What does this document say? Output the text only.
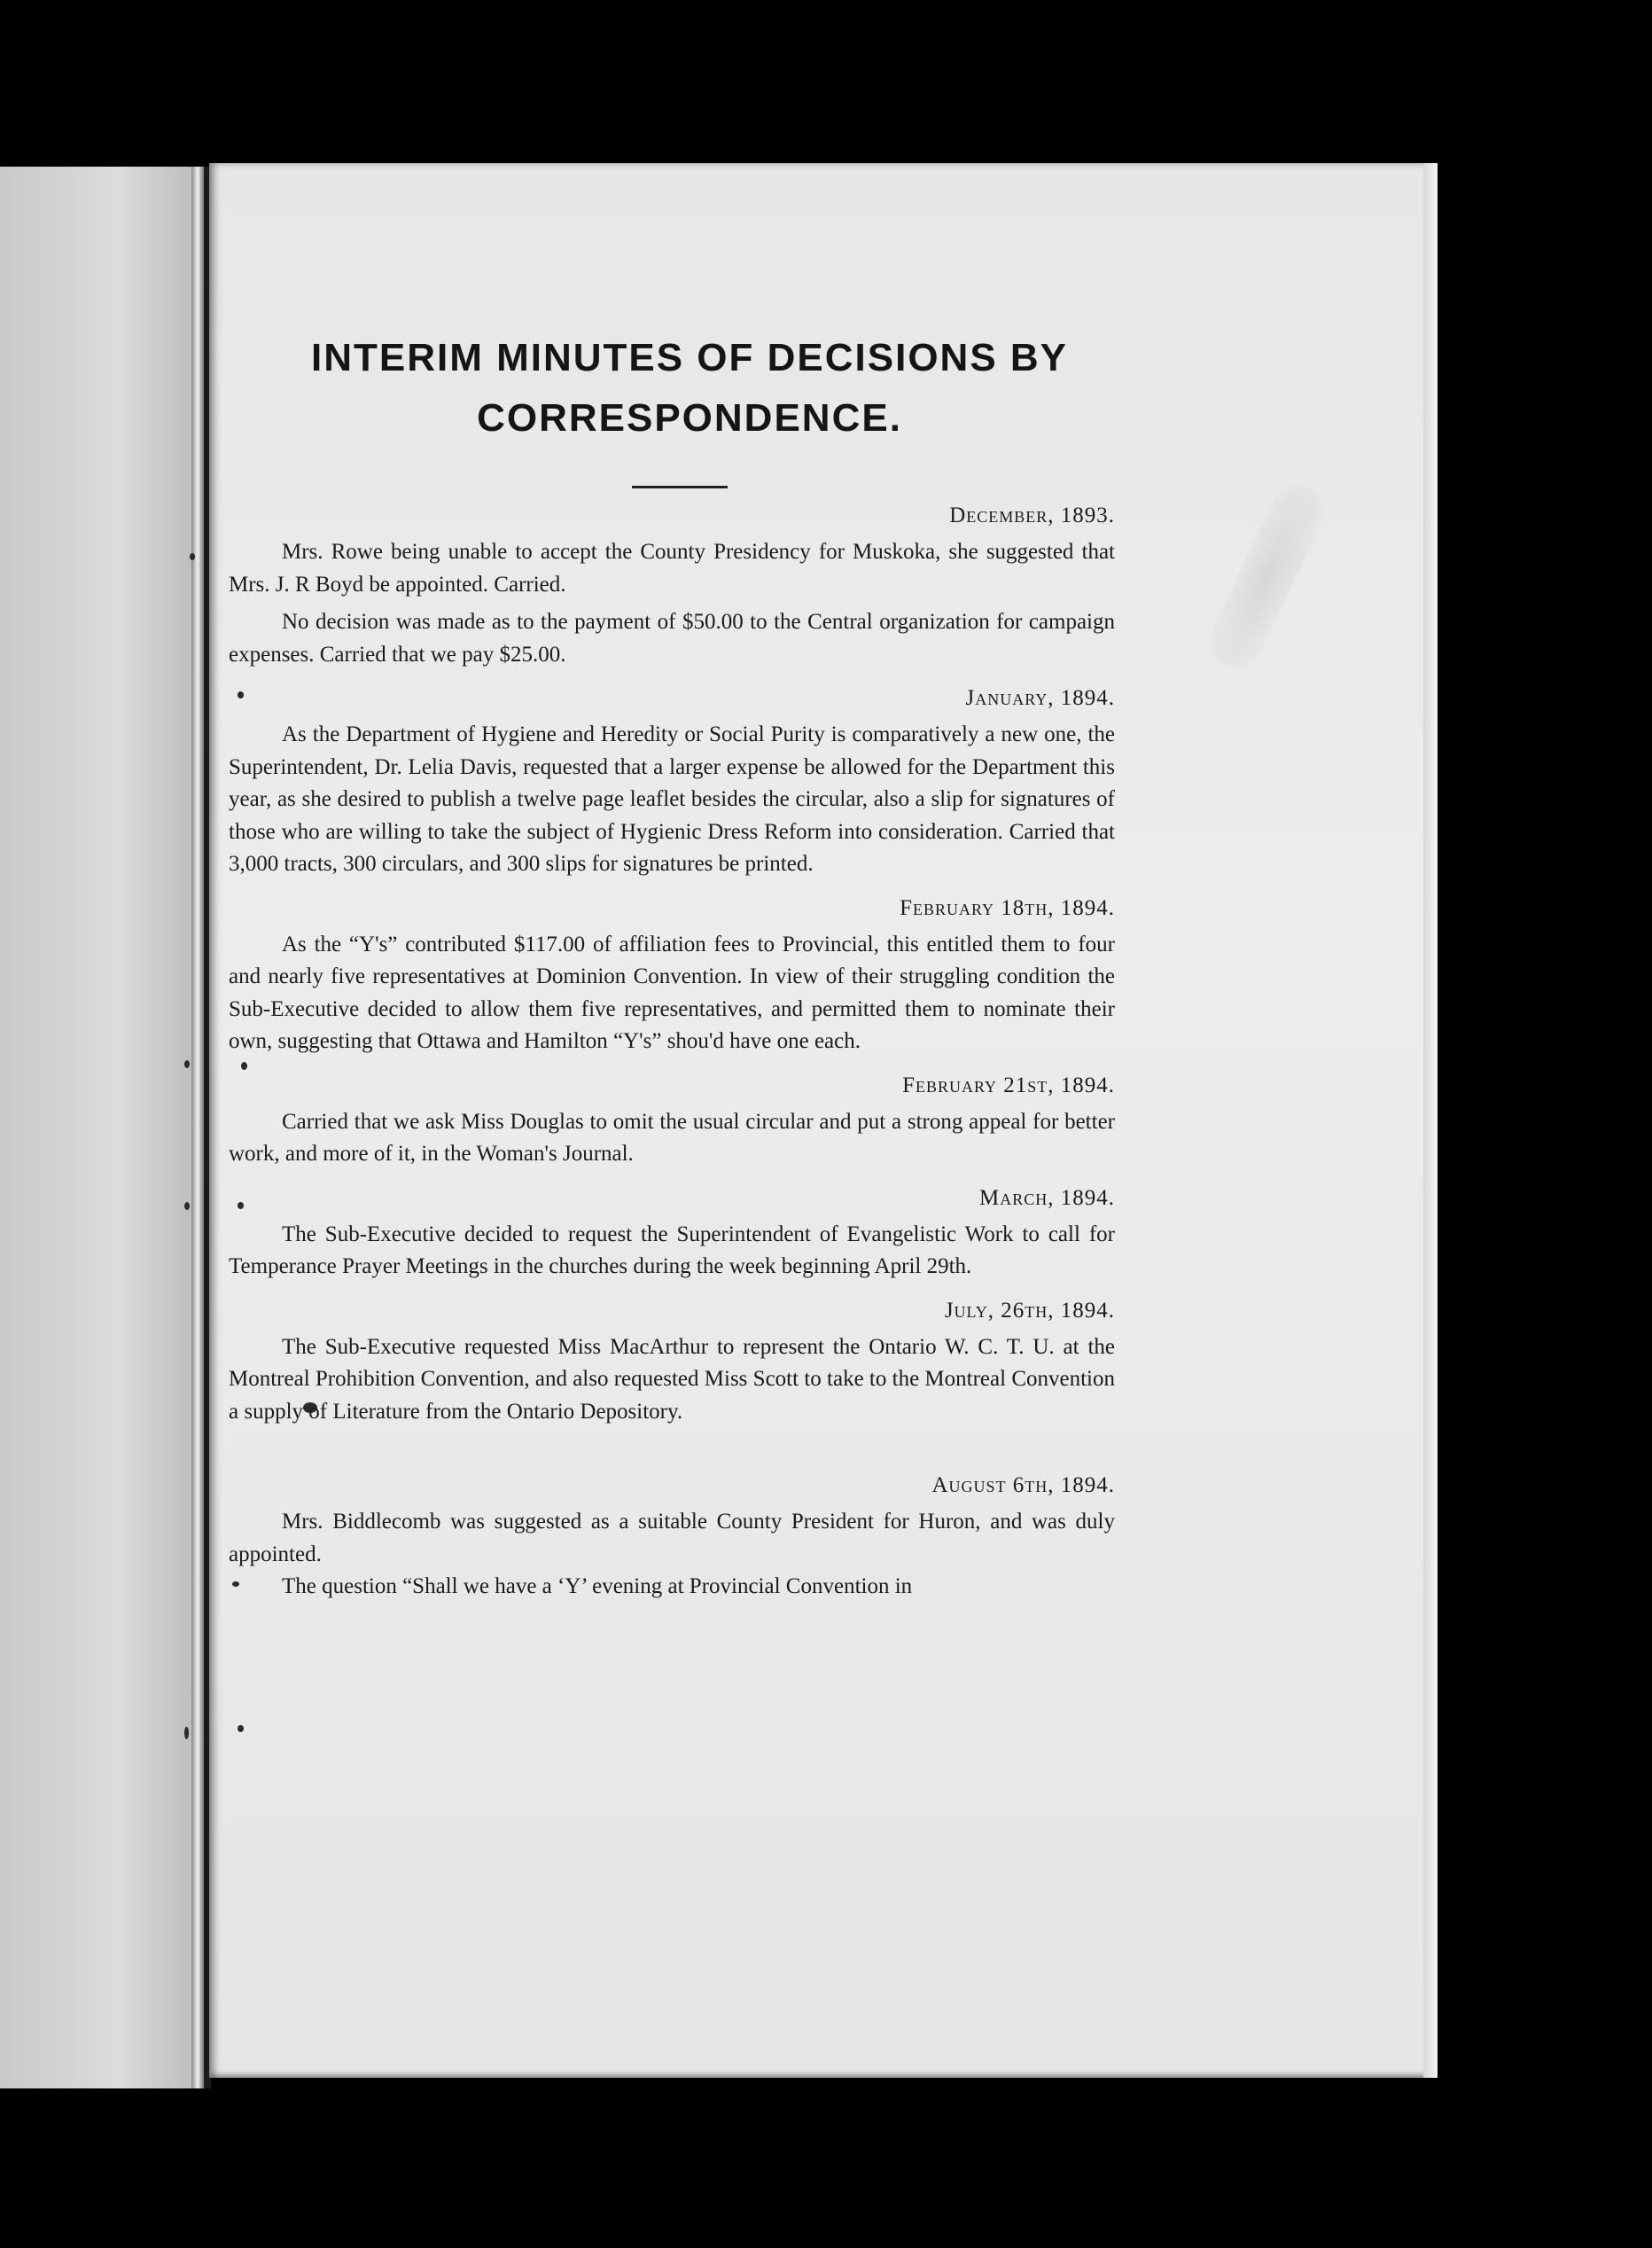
INTERIM MINUTES OF DECISIONS BY
CORRESPONDENCE.
December, 1893.

Mrs. Rowe being unable to accept the County Presidency for Muskoka, she suggested that Mrs. J. R Boyd be appointed. Carried.

No decision was made as to the payment of $50.00 to the Central organization for campaign expenses. Carried that we pay $25.00.

January, 1894.

As the Department of Hygiene and Heredity or Social Purity is comparatively a new one, the Superintendent, Dr. Lelia Davis, requested that a larger expense be allowed for the Department this year, as she desired to publish a twelve page leaflet besides the circular, also a slip for signatures of those who are willing to take the subject of Hygienic Dress Reform into consideration. Carried that 3,000 tracts, 300 circulars, and 300 slips for signatures be printed.

February 18th, 1894.

As the “Y's” contributed $117.00 of affiliation fees to Provincial, this entitled them to four and nearly five representatives at Dominion Convention. In view of their struggling condition the Sub-Executive decided to allow them five representatives, and permitted them to nominate their own, suggesting that Ottawa and Hamilton “Y's” shou'd have one each.

February 21st, 1894.

Carried that we ask Miss Douglas to omit the usual circular and put a strong appeal for better work, and more of it, in the Woman's Journal.

March, 1894.

The Sub-Executive decided to request the Superintendent of Evangelistic Work to call for Temperance Prayer Meetings in the churches during the week beginning April 29th.

July, 26th, 1894.

The Sub-Executive requested Miss MacArthur to represent the Ontario W. C. T. U. at the Montreal Prohibition Convention, and also requested Miss Scott to take to the Montreal Convention a supply of Literature from the Ontario Depository.

August 6th, 1894.

Mrs. Biddlecomb was suggested as a suitable County President for Huron, and was duly appointed.

The question “Shall we have a ‘Y’ evening at Provincial Convention in
